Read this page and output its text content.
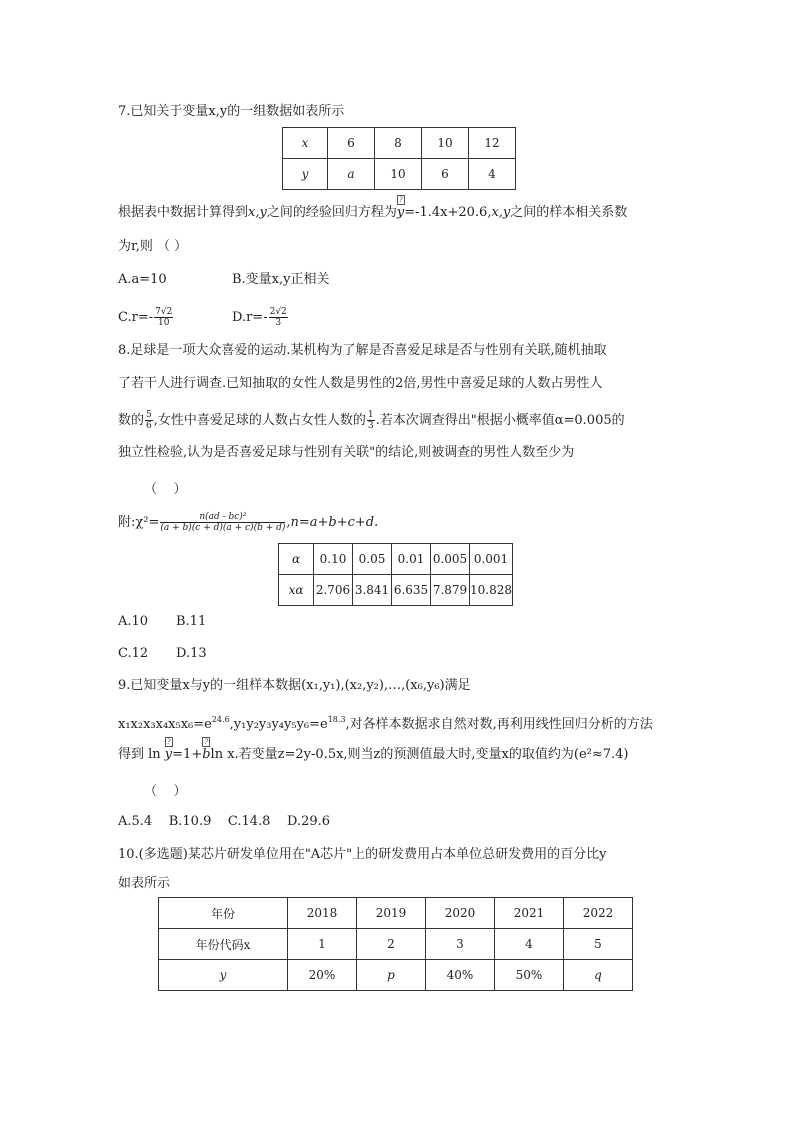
7.已知关于变量x,y的一组数据如表所示
x	6	8	10	12
y	a	10	6	4
根据表中数据计算得到x,y之间的经验回归方程为
?
y=-1.4x+20.6,x,y之间的样本相关系数
为r,则 （ ）
A.a=10	B.变量x,y正相关
$C.r=- \frac{7√2}{10}$	$D.r=- \frac{2√2}{3}$
8.足球是一项大众喜爱的运动.某机构为了解是否喜爱足球是否与性别有关联,随机抽取
了若干人进行调查.已知抽取的女性人数是男性的2倍,男性中喜爱足球的人数占男性人
数的 $\frac{5}{6}$ ,女性中喜爱足球的人数占女性人数的 $\frac{1}{3}$ .若本次调查得出"根据小概率值α=0.005的
独立性检验,认为是否喜爱足球与性别有关联"的结论,则被调查的男性人数至少为
（    ）
附:χ²= $\frac{\text{n(ad - bc)²}}{(a + b)(c + d)(a + c)(b + d)} ,n=a+b+c+d$.
α	0.10	0.05	0.01	0.005	0.001
xα	2.706	3.841	6.635	7.879	10.828
A.10 B.11
C.12 D.13
9.已知变量x与y的一组样本数据(x₁,y₁),(x₂,y₂),…,(x₆,y₆)满足
$x_1x_2x_3x_4x_5x_6=e^{24.6},y_1y_2y_3y_4y_5y_6=e^{18.3}$,对各样本数据求自然对数,再利用线性回归分析的方法
得到 ln
?
y=1+
?
bln x.若变量z=2y-0.5x,则当z的预测值最大时,变量x的取值约为(e²≈7.4)
（    ）
A.5.4    B.10.9    C.14.8    D.29.6
10.(多选题)某芯片研发单位用在"A芯片"上的研发费用占本单位总研发费用的百分比y
如表所示
年份	2018	2019	2020	2021	2022
年份代码x	1	2	3	4	5
y	20%	p	40%	50%	q
